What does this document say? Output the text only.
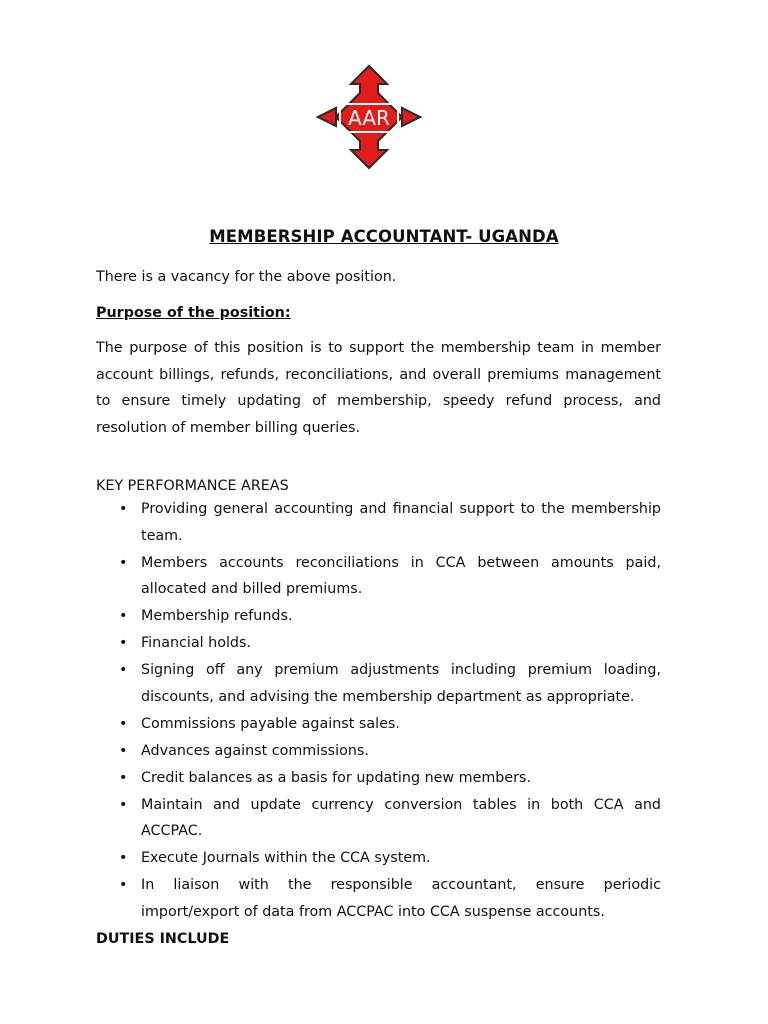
AAR
MEMBERSHIP ACCOUNTANT- UGANDA

There is a vacancy for the above position.

Purpose of the position:

The purpose of this position is to support the membership team in member account billings, refunds, reconciliations, and overall premiums management to ensure timely updating of membership, speedy refund process, and resolution of member billing queries.

KEY PERFORMANCE AREAS

• Providing general accounting and financial support to the membership team.
• Members accounts reconciliations in CCA between amounts paid, allocated and billed premiums.
• Membership refunds.
• Financial holds.
• Signing off any premium adjustments including premium loading, discounts, and advising the membership department as appropriate.
• Commissions payable against sales.
• Advances against commissions.
• Credit balances as a basis for updating new members.
• Maintain and update currency conversion tables in both CCA and ACCPAC.
• Execute Journals within the CCA system.
• In liaison with the responsible accountant, ensure periodic import/export of data from ACCPAC into CCA suspense accounts.

DUTIES INCLUDE
